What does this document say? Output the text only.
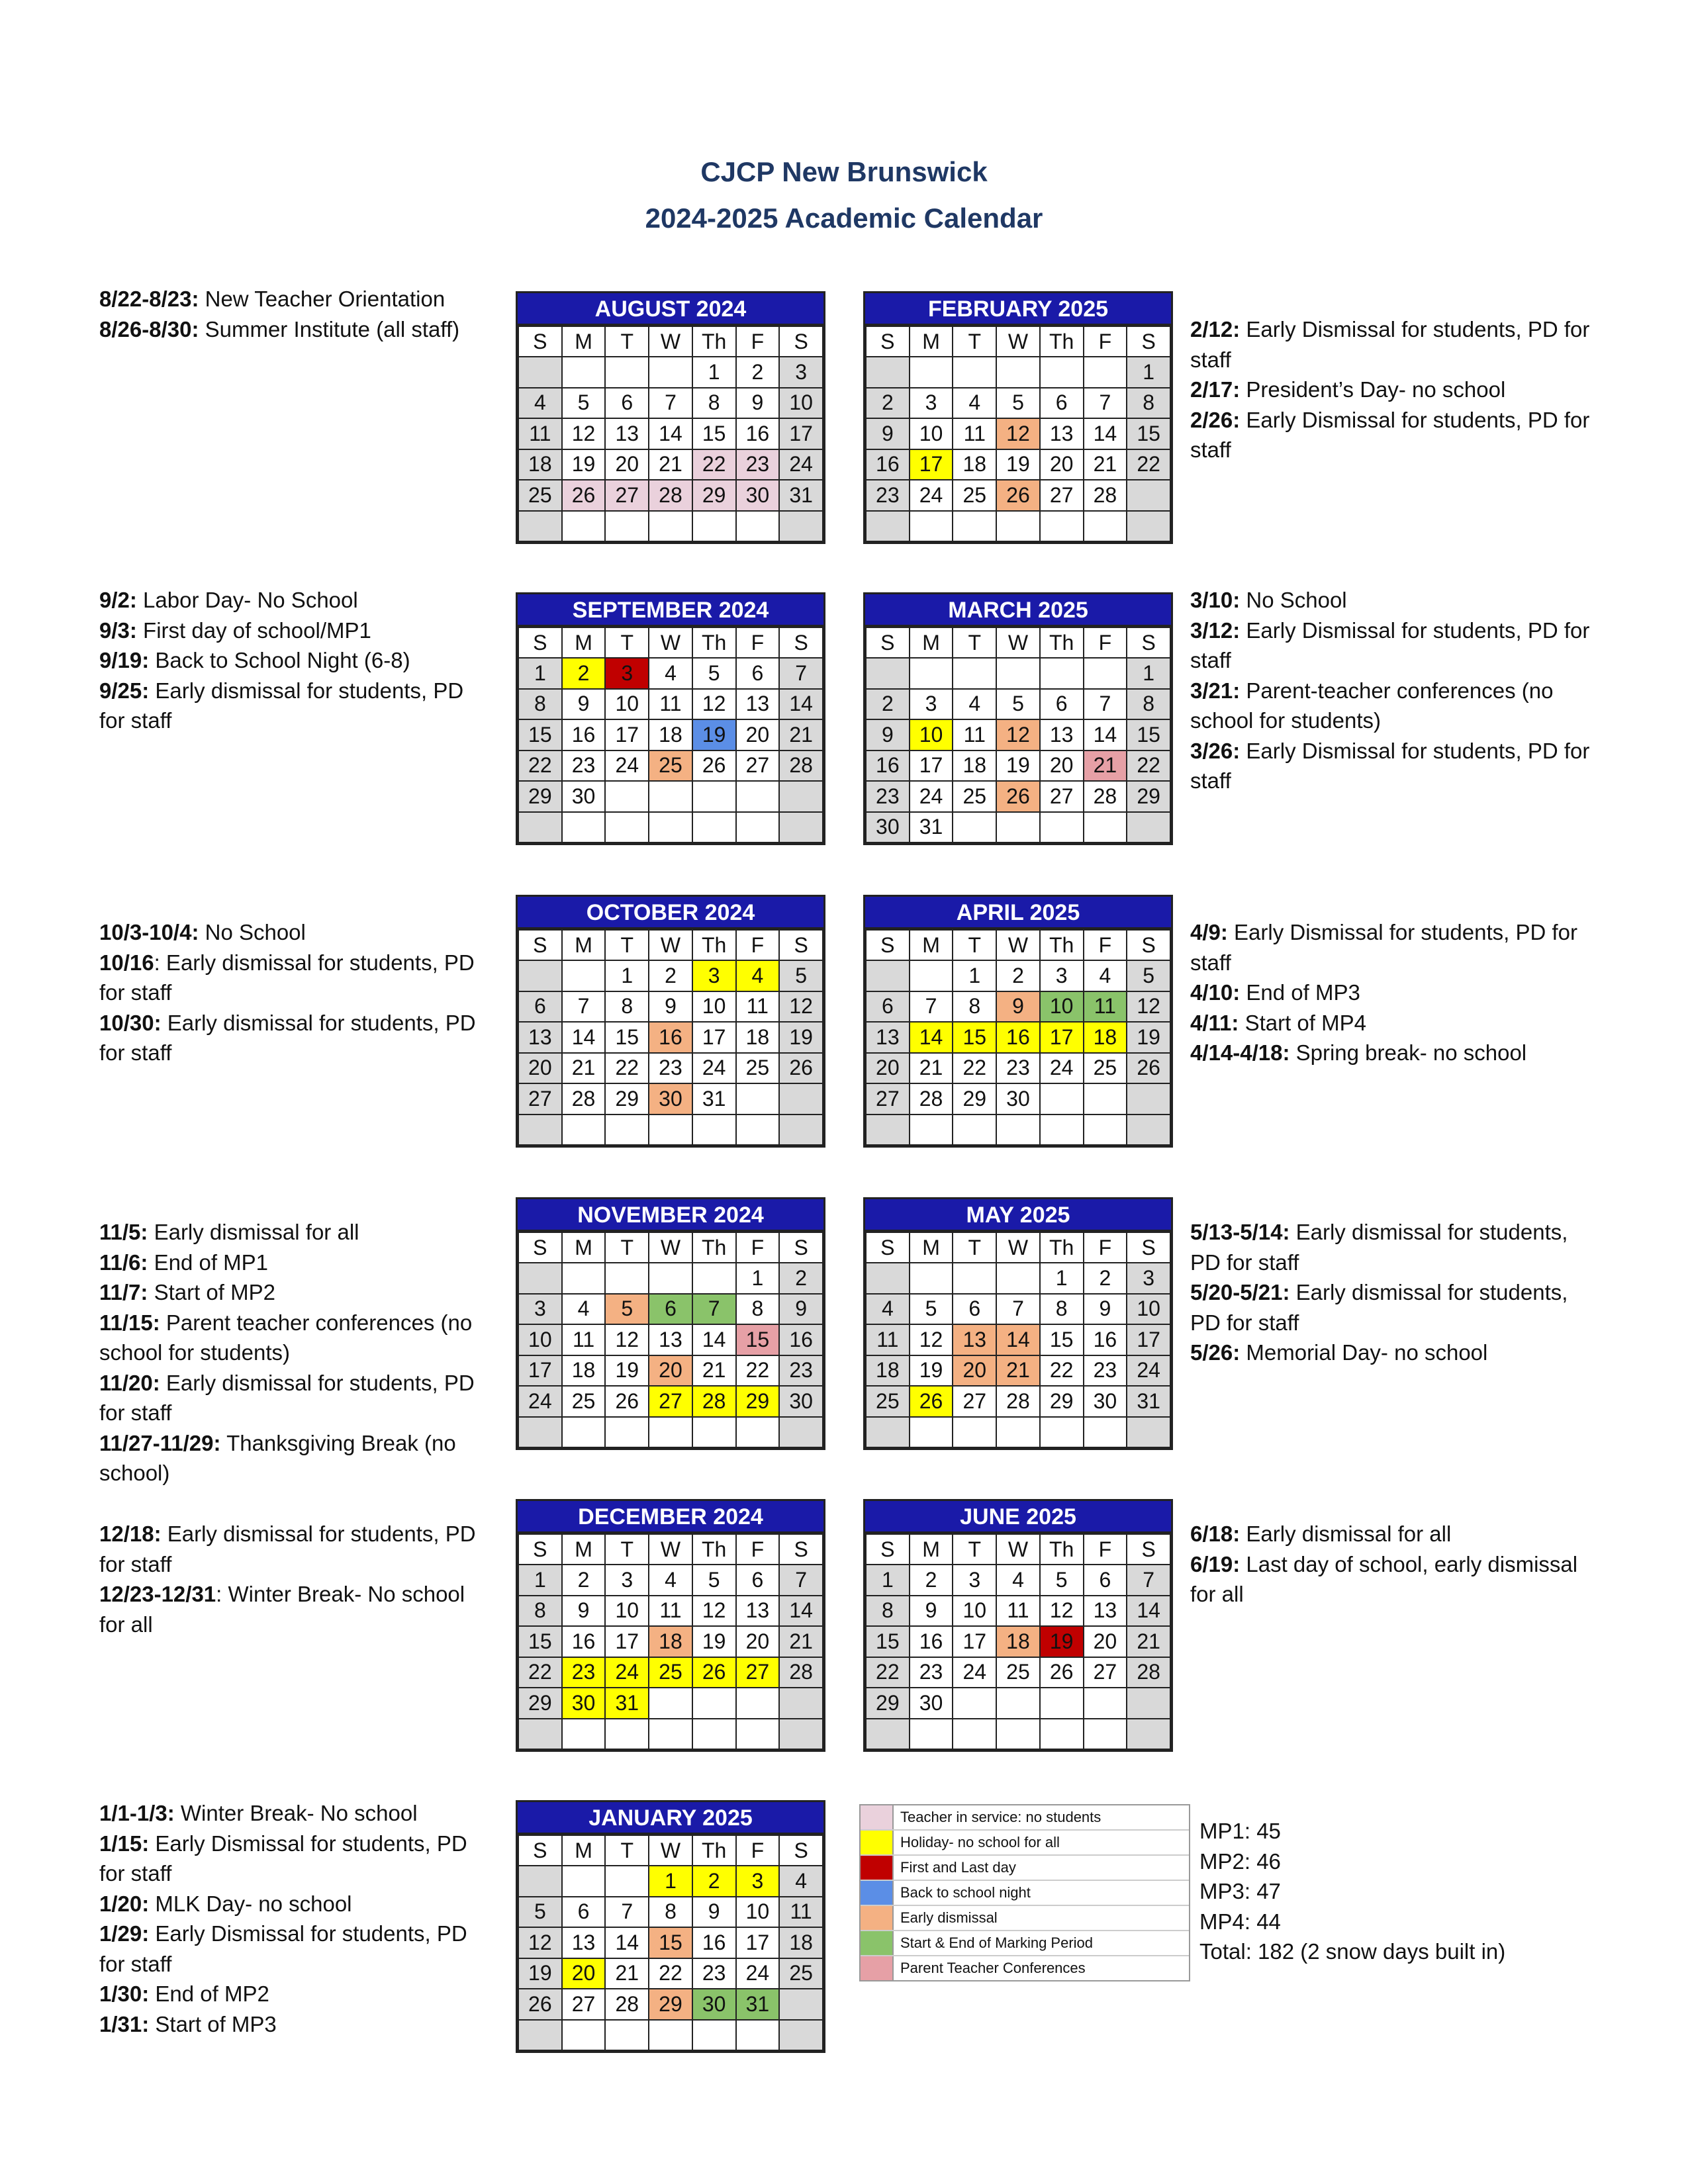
CJCP New Brunswick
2024-2025 Academic Calendar
8/22-8/23: New Teacher Orientation
8/26-8/30: Summer Institute (all staff)	2/12: Early Dismissal for students, PD for staff
2/17: President’s Day- no school
2/26: Early Dismissal for students, PD for staff
9/2: Labor Day- No School
9/3: First day of school/MP1
9/19: Back to School Night (6-8)
9/25: Early dismissal for students, PD for staff
3/10: No School
3/12: Early Dismissal for students, PD for staff
3/21: Parent-teacher conferences (no school for students)
3/26: Early Dismissal for students, PD for staff
10/3-10/4: No School
10/16: Early dismissal for students, PD for staff
10/30: Early dismissal for students, PD for staff
4/9: Early Dismissal for students, PD for staff
4/10: End of MP3
4/11: Start of MP4
4/14-4/18: Spring break- no school
11/5: Early dismissal for all
11/6: End of MP1
11/7: Start of MP2
11/15: Parent teacher conferences (no school for students)
11/20: Early dismissal for students, PD for staff
11/27-11/29: Thanksgiving Break (no school)
5/13-5/14: Early dismissal for students, PD for staff
5/20-5/21: Early dismissal for students, PD for staff
5/26: Memorial Day- no school
12/18: Early dismissal for students, PD for staff
12/23-12/31: Winter Break- No school for all
6/18: Early dismissal for all
6/19: Last day of school, early dismissal for all
1/1-1/3: Winter Break- No school
1/15: Early Dismissal for students, PD for staff
1/20: MLK Day- no school
1/29: Early Dismissal for students, PD for staff
1/30: End of MP2
1/31: Start of MP3
AUGUST 2024
S	M	T	W	Th	F	S
				1	2	3
4	5	6	7	8	9	10
11	12	13	14	15	16	17
18	19	20	21	22	23	24
25	26	27	28	29	30	31

FEBRUARY 2025
S	M	T	W	Th	F	S
						1
2	3	4	5	6	7	8
9	10	11	12	13	14	15
16	17	18	19	20	21	22
23	24	25	26	27	28	

SEPTEMBER 2024
S	M	T	W	Th	F	S
1	2	3	4	5	6	7
8	9	10	11	12	13	14
15	16	17	18	19	20	21
22	23	24	25	26	27	28
29	30					

MARCH 2025
S	M	T	W	Th	F	S
						1
2	3	4	5	6	7	8
9	10	11	12	13	14	15
16	17	18	19	20	21	22
23	24	25	26	27	28	29
30	31					
OCTOBER 2024
S	M	T	W	Th	F	S
		1	2	3	4	5
6	7	8	9	10	11	12
13	14	15	16	17	18	19
20	21	22	23	24	25	26
27	28	29	30	31		

APRIL 2025
S	M	T	W	Th	F	S
		1	2	3	4	5
6	7	8	9	10	11	12
13	14	15	16	17	18	19
20	21	22	23	24	25	26
27	28	29	30			

NOVEMBER 2024
S	M	T	W	Th	F	S
					1	2
3	4	5	6	7	8	9
10	11	12	13	14	15	16
17	18	19	20	21	22	23
24	25	26	27	28	29	30

MAY 2025
S	M	T	W	Th	F	S
				1	2	3
4	5	6	7	8	9	10
11	12	13	14	15	16	17
18	19	20	21	22	23	24
25	26	27	28	29	30	31

DECEMBER 2024
S	M	T	W	Th	F	S
1	2	3	4	5	6	7
8	9	10	11	12	13	14
15	16	17	18	19	20	21
22	23	24	25	26	27	28
29	30	31				

JUNE 2025
S	M	T	W	Th	F	S
1	2	3	4	5	6	7
8	9	10	11	12	13	14
15	16	17	18	19	20	21
22	23	24	25	26	27	28
29	30					

JANUARY 2025
S	M	T	W	Th	F	S
			1	2	3	4
5	6	7	8	9	10	11
12	13	14	15	16	17	18
19	20	21	22	23	24	25
26	27	28	29	30	31	

Teacher in service: no students
Holiday- no school for all
First and Last day
Back to school night
Early dismissal
Start & End of Marking Period
Parent Teacher Conferences
MP1: 45
MP2: 46
MP3: 47
MP4: 44
Total: 182 (2 snow days built in)
